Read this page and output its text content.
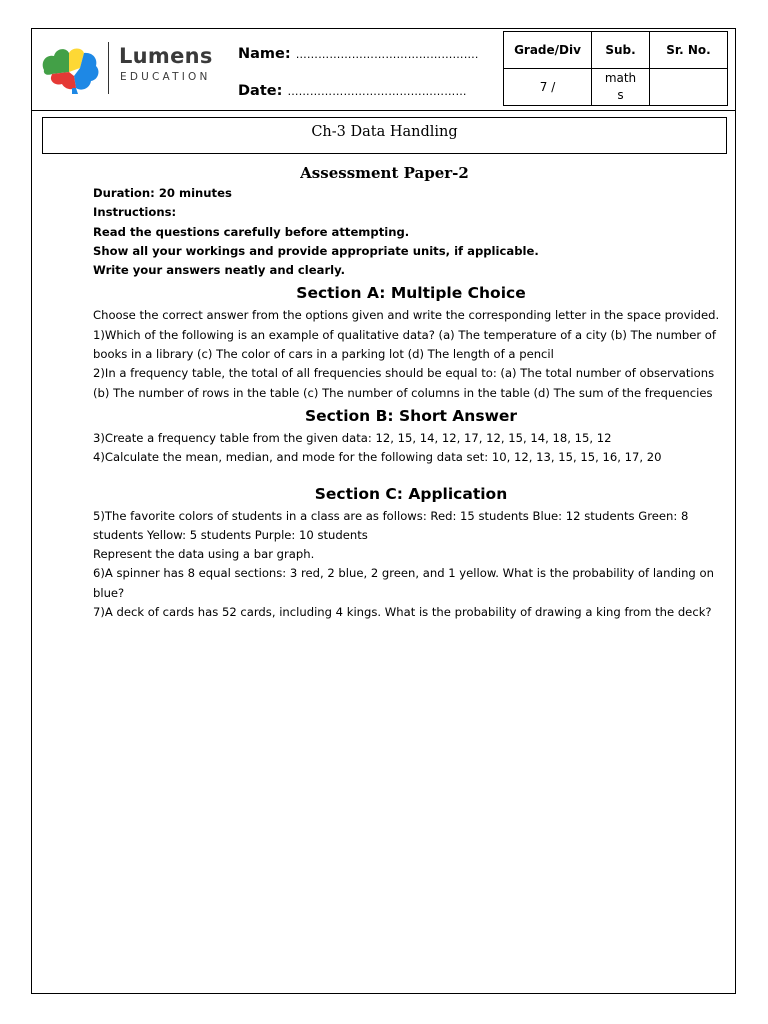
Lumens
EDUCATION
Name: ………………………………………….
Date: …………………………………………
Grade/Div	Sub.	Sr. No.
7 /	math
s	
Ch-3 Data Handling
Assessment Paper-2

Duration: 20 minutes

Instructions:

Read the questions carefully before attempting.

Show all your workings and provide appropriate units, if applicable.

Write your answers neatly and clearly.

Section A: Multiple Choice

Choose the correct answer from the options given and write the corresponding letter in the space provided.

1)Which of the following is an example of qualitative data? (a) The temperature of a city (b) The number of books in a library (c) The color of cars in a parking lot (d) The length of a pencil

2)In a frequency table, the total of all frequencies should be equal to: (a) The total number of observations (b) The number of rows in the table (c) The number of columns in the table (d) The sum of the frequencies

Section B: Short Answer

3)Create a frequency table from the given data: 12, 15, 14, 12, 17, 12, 15, 14, 18, 15, 12

4)Calculate the mean, median, and mode for the following data set: 10, 12, 13, 15, 15, 16, 17, 20

Section C: Application

5)The favorite colors of students in a class are as follows: Red: 15 students Blue: 12 students Green: 8 students Yellow: 5 students Purple: 10 students

Represent the data using a bar graph.

6)A spinner has 8 equal sections: 3 red, 2 blue, 2 green, and 1 yellow. What is the probability of landing on blue?

7)A deck of cards has 52 cards, including 4 kings. What is the probability of drawing a king from the deck?
